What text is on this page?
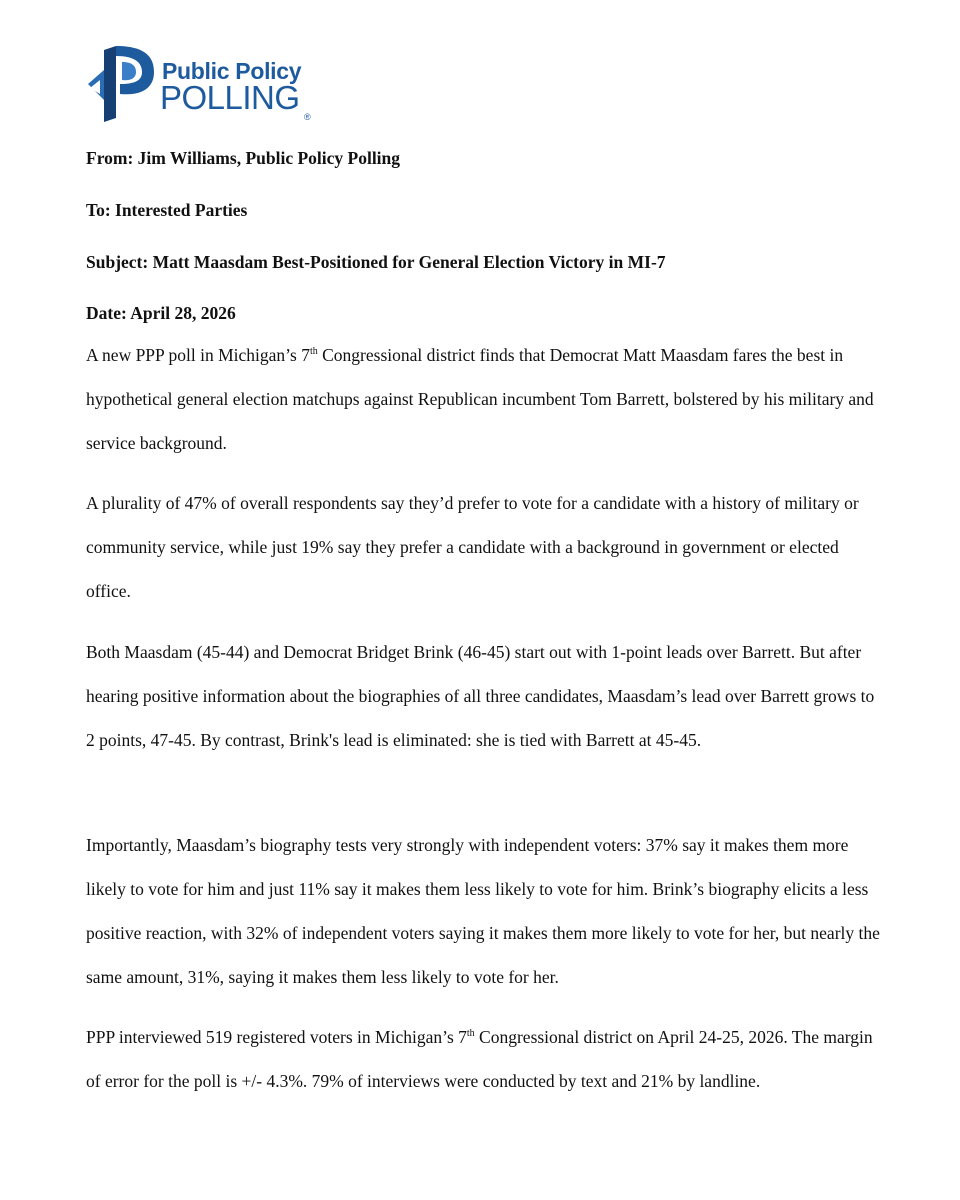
Public Policy
POLLING
®
From: Jim Williams, Public Policy Polling
To: Interested Parties
Subject: Matt Maasdam Best-Positioned for General Election Victory in MI-7
Date: April 28, 2026

A new PPP poll in Michigan’s 7th Congressional district finds that Democrat Matt Maasdam fares the best in hypothetical general election matchups against Republican incumbent Tom Barrett, bolstered by his military and service background.

A plurality of 47% of overall respondents say they’d prefer to vote for a candidate with a history of military or community service, while just 19% say they prefer a candidate with a background in government or elected office.

Both Maasdam (45-44) and Democrat Bridget Brink (46-45) start out with 1-point leads over Barrett. But after hearing positive information about the biographies of all three candidates, Maasdam’s lead over Barrett grows to 2 points, 47-45. By contrast, Brink's lead is eliminated: she is tied with Barrett at 45-45.

Importantly, Maasdam’s biography tests very strongly with independent voters: 37% say it makes them more likely to vote for him and just 11% say it makes them less likely to vote for him. Brink’s biography elicits a less positive reaction, with 32% of independent voters saying it makes them more likely to vote for her, but nearly the same amount, 31%, saying it makes them less likely to vote for her.

PPP interviewed 519 registered voters in Michigan’s 7th Congressional district on April 24-25, 2026. The margin of error for the poll is +/- 4.3%. 79% of interviews were conducted by text and 21% by landline.
